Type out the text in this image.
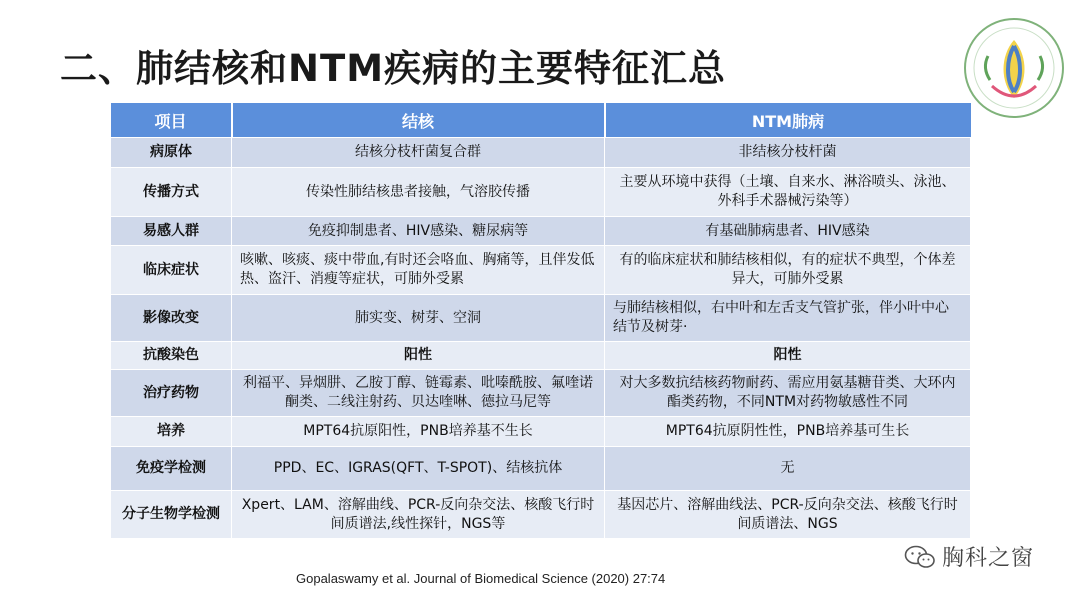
二、肺结核和NTM疾病的主要特征汇总
项目	结核	NTM肺病
病原体	结核分枝杆菌复合群	非结核分枝杆菌
传播方式	传染性肺结核患者接触，气溶胶传播	主要从环境中获得（土壤、自来水、淋浴喷头、泳池、外科手术器械污染等）
易感人群	免疫抑制患者、HIV感染、糖尿病等	有基础肺病患者、HIV感染
临床症状	咳嗽、咳痰、痰中带血,有时还会咯血、胸痛等，且伴发低热、盗汗、消瘦等症状，可肺外受累	有的临床症状和肺结核相似，有的症状不典型，个体差异大，可肺外受累
影像改变	肺实变、树芽、空洞	与肺结核相似，右中叶和左舌支气管扩张，伴小叶中心结节及树芽·
抗酸染色	阳性	阳性
治疗药物	利福平、异烟肼、乙胺丁醇、链霉素、吡嗪酰胺、氟喹诺酮类、二线注射药、贝达喹啉、德拉马尼等	对大多数抗结核药物耐药、需应用氨基糖苷类、大环内酯类药物，不同NTM对药物敏感性不同
培养	MPT64抗原阳性，PNB培养基不生长	MPT64抗原阴性性，PNB培养基可生长
免疫学检测	PPD、EC、IGRAS(QFT、T-SPOT)、结核抗体	无
分子生物学检测	Xpert、LAM、溶解曲线、PCR-反向杂交法、核酸飞行时间质谱法,线性探针，NGS等	基因芯片、溶解曲线法、PCR-反向杂交法、核酸飞行时间质谱法、NGS
Gopalaswamy et al. Journal of Biomedical Science (2020) 27:74
胸科之窗
